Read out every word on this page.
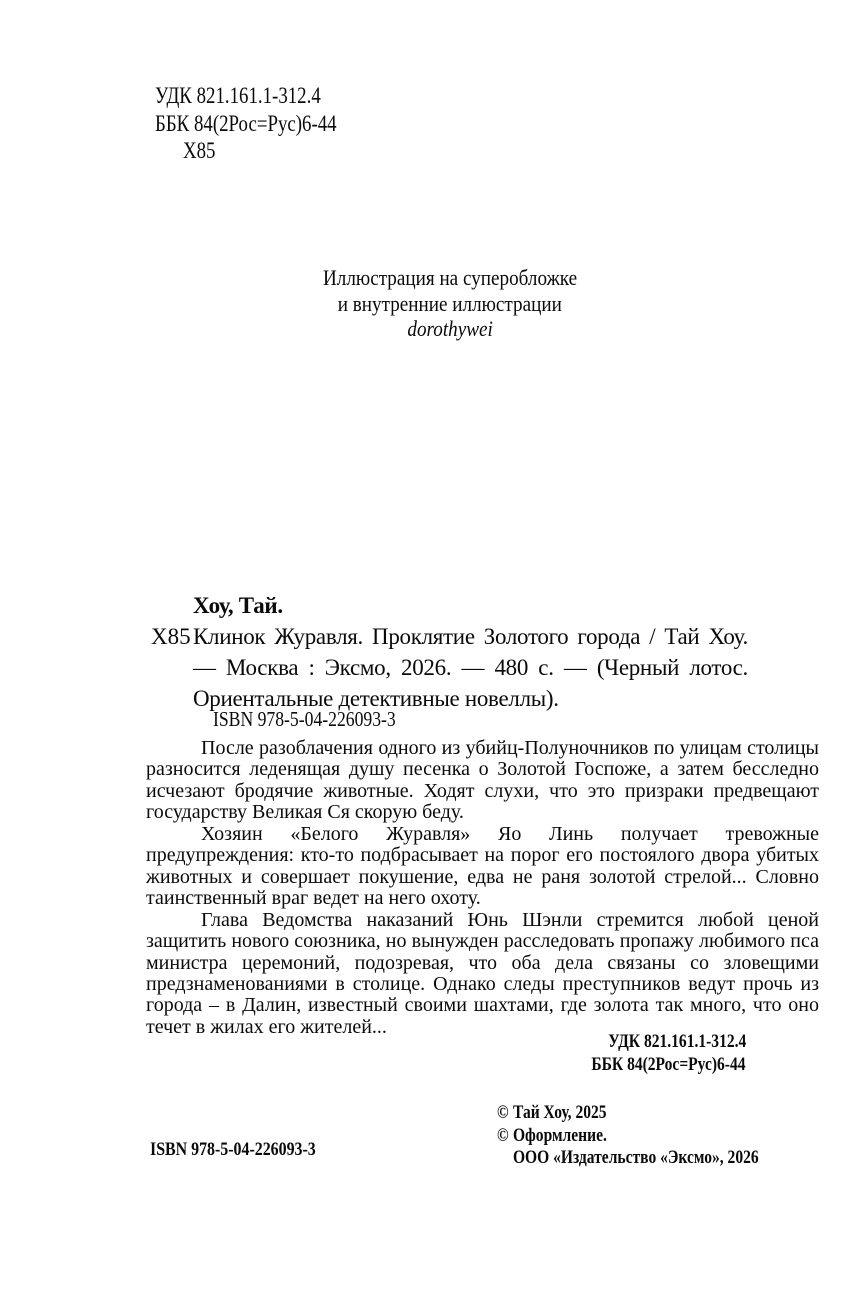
УДК 821.161.1-312.4
ББК 84(2Рос=Рус)6-44
Х85
Иллюстрация на суперобложке
и внутренние иллюстрации
dorothywei
Хоу, Тай.
Х85 Клинок Журавля. Проклятие Золотого города / Тай Хоу. — Москва : Эксмо, 2026. — 480 с. — (Черный лотос. Ориентальные детективные новеллы).
ISBN 978-5-04-226093-3

После разоблачения одного из убийц-Полуночников по улицам столицы разносится леденящая душу песенка о Золотой Госпоже, а затем бесследно исчезают бродячие животные. Ходят слухи, что это призраки предвещают государству Великая Ся скорую беду.

Хозяин «Белого Журавля» Яо Линь получает тревожные предупреждения: кто-то подбрасывает на порог его постоялого двора убитых животных и совершает покушение, едва не раня золотой стрелой... Словно таинственный враг ведет на него охоту.

Глава Ведомства наказаний Юнь Шэнли стремится любой ценой защитить нового союзника, но вынужден расследовать пропажу любимого пса министра церемоний, подозревая, что оба дела связаны со зловещими предзнаменованиями в столице. Однако следы преступников ведут прочь из города – в Далин, известный своими шахтами, где золота так много, что оно течет в жилах его жителей...

УДК 821.161.1-312.4
ББК 84(2Рос=Рус)6-44
© Тай Хоу, 2025
© Оформление.
ООО «Издательство «Эксмо», 2026
ISBN 978-5-04-226093-3
